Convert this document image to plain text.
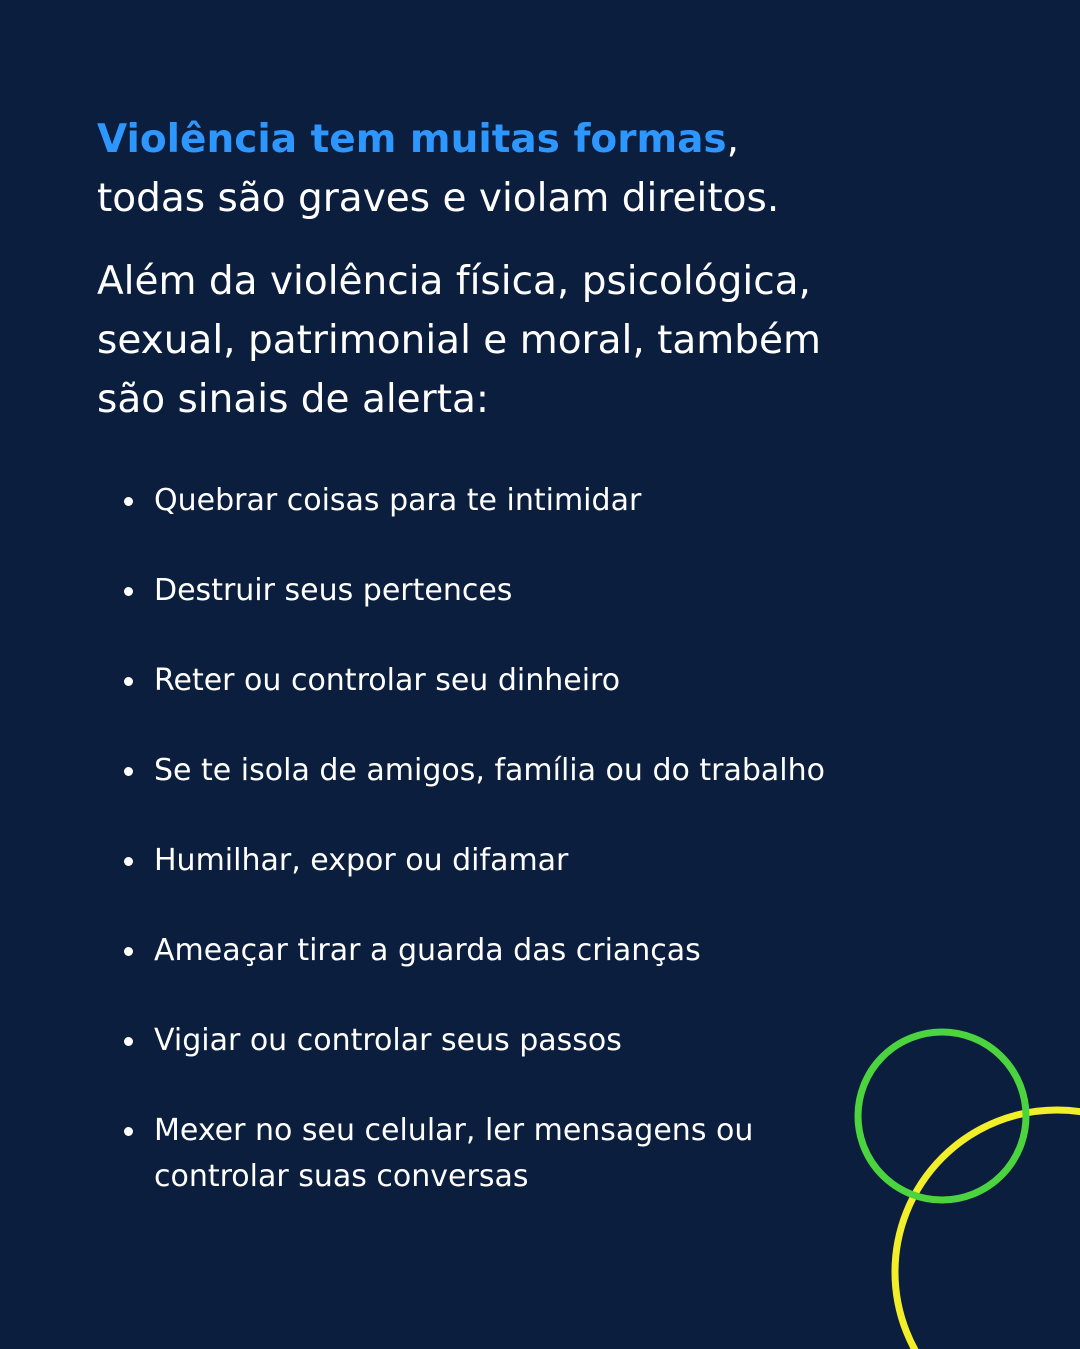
Violência tem muitas formas, todas são graves e violam direitos.

Além da violência física, psicológica, sexual, patrimonial e moral, também são sinais de alerta:

Quebrar coisas para te intimidar
Destruir seus pertences
Reter ou controlar seu dinheiro
Se te isola de amigos, família ou do trabalho
Humilhar, expor ou difamar
Ameaçar tirar a guarda das crianças
Vigiar ou controlar seus passos
Mexer no seu celular, ler mensagens ou controlar suas conversas
